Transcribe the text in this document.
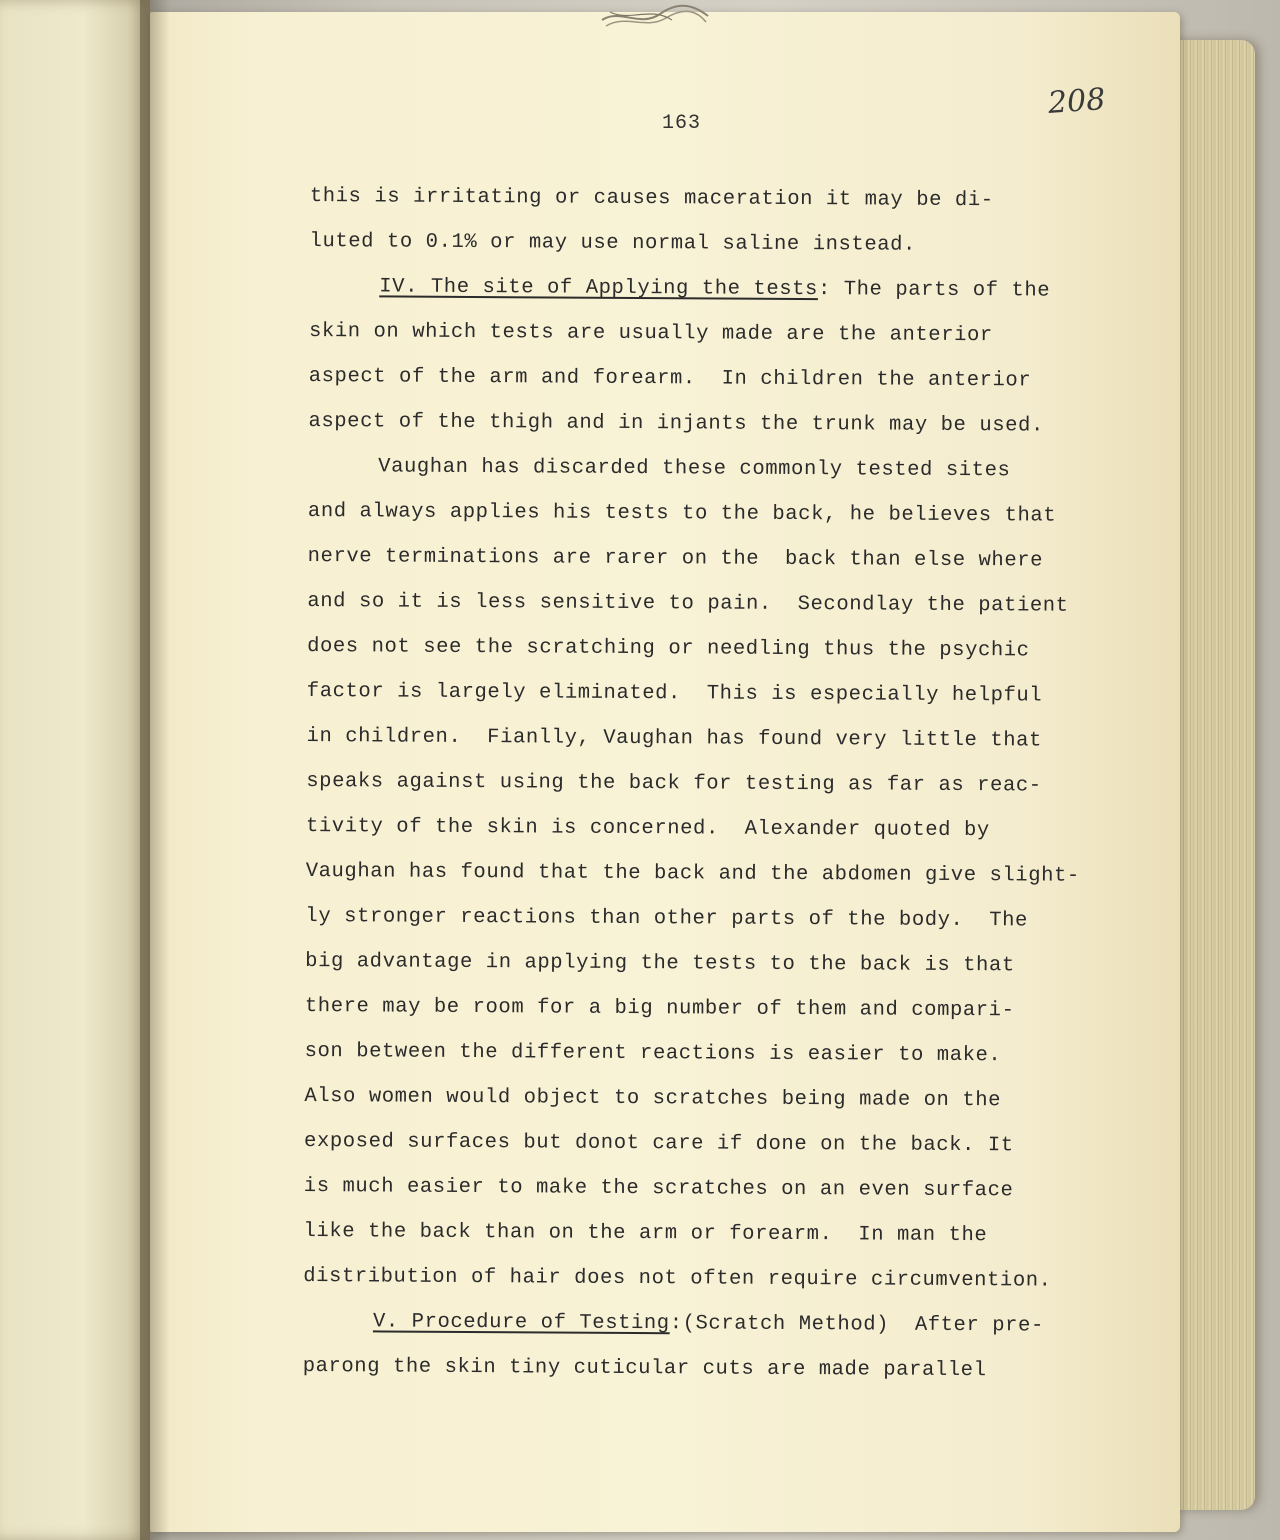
163
208
this is irritating or causes maceration it may be di-
luted to 0.1% or may use normal saline instead.
IV. The site of Applying the tests: The parts of the
skin on which tests are usually made are the anterior
aspect of the arm and forearm.  In children the anterior
aspect of the thigh and in injants the trunk may be used.
Vaughan has discarded these commonly tested sites
and always applies his tests to the back, he believes that
nerve terminations are rarer on the  back than else where
and so it is less sensitive to pain.  Secondlay the patient
does not see the scratching or needling thus the psychic
factor is largely eliminated.  This is especially helpful
in children.  Fianlly, Vaughan has found very little that
speaks against using the back for testing as far as reac-
tivity of the skin is concerned.  Alexander quoted by
Vaughan has found that the back and the abdomen give slight-
ly stronger reactions than other parts of the body.  The
big advantage in applying the tests to the back is that
there may be room for a big number of them and compari-
son between the different reactions is easier to make.
Also women would object to scratches being made on the
exposed surfaces but donot care if done on the back. It
is much easier to make the scratches on an even surface
like the back than on the arm or forearm.  In man the
distribution of hair does not often require circumvention.
V. Procedure of Testing:(Scratch Method)  After pre-
parong the skin tiny cuticular cuts are made parallel
